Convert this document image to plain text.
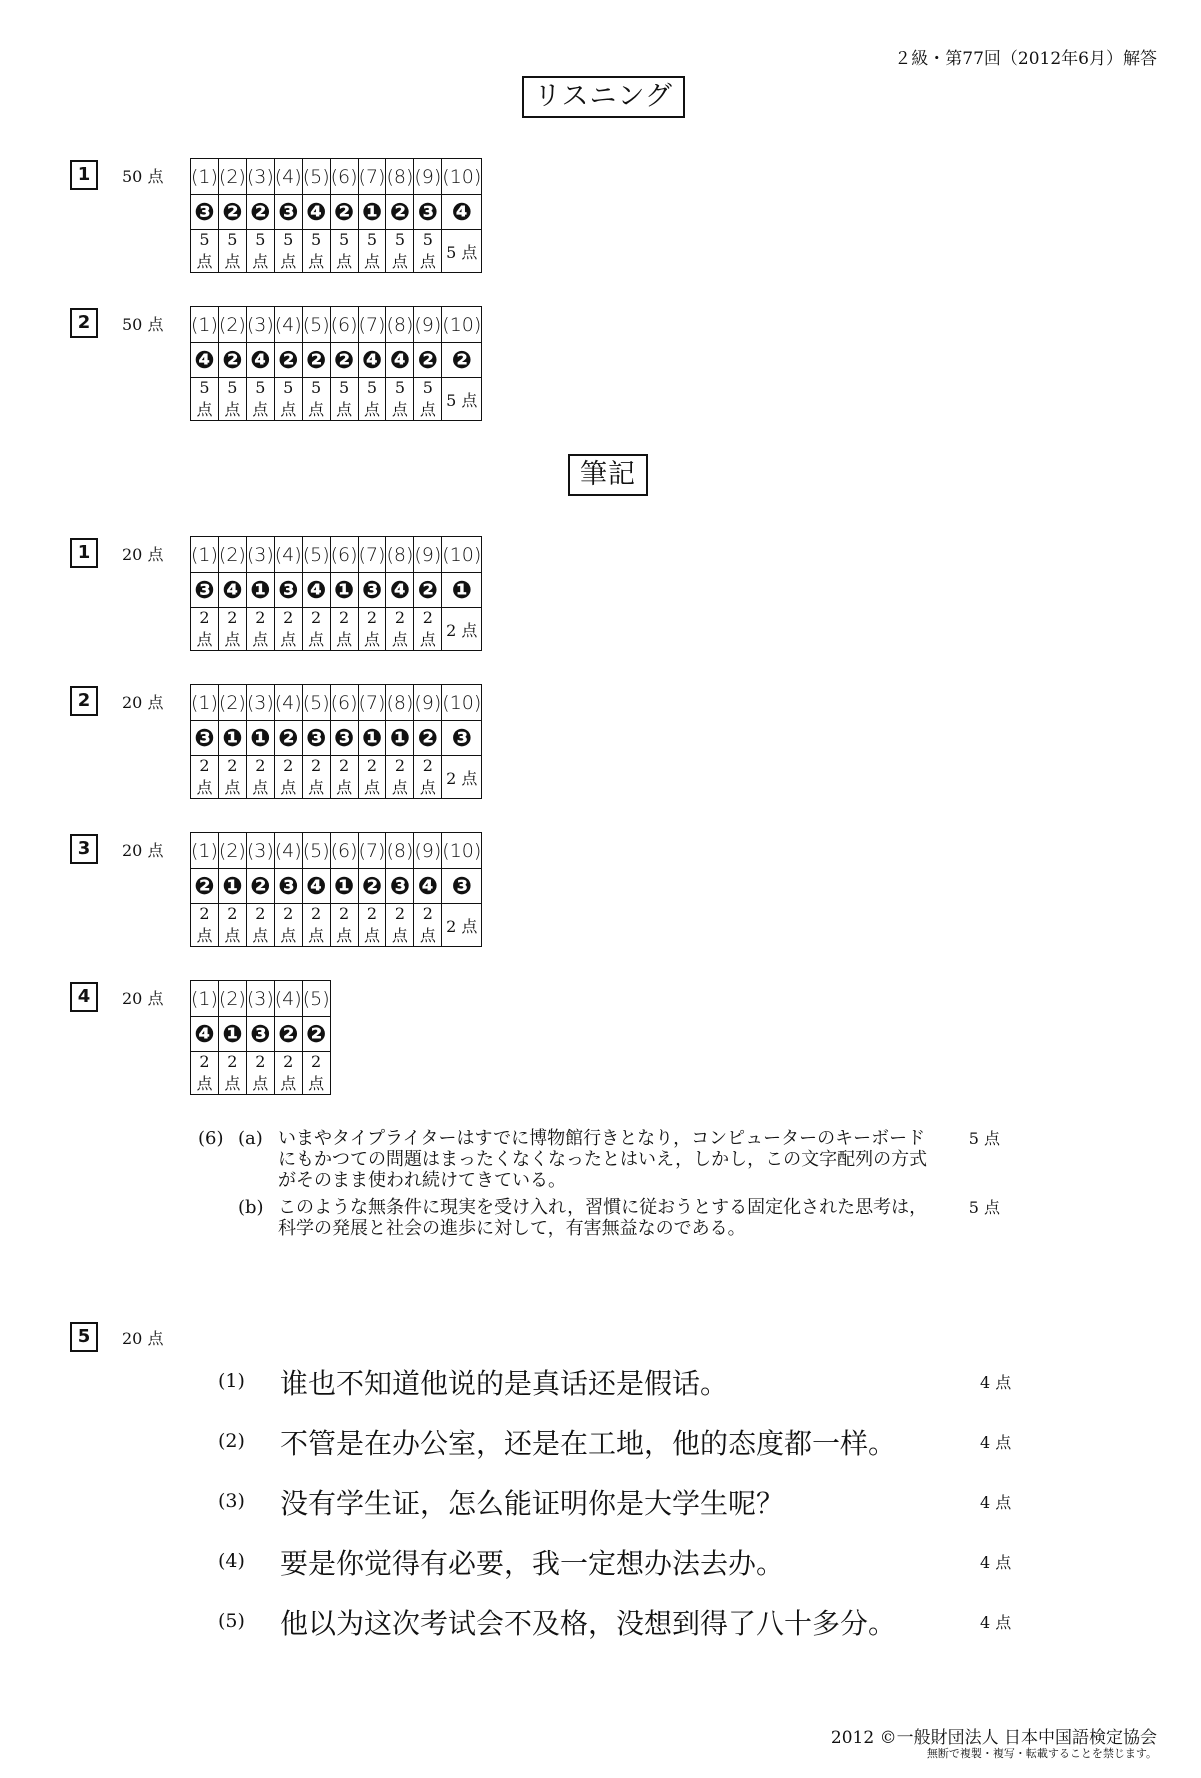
２級・第77回（2012年6月）解答
リスニング
1	50 点 (1)	(2)	(3)	(4)	(5)	(6)	(7)	(8)	(9)	(10)
❸	❷	❷	❸	❹	❷	❶	❷	❸	❹
5 点	5 点	5 点	5 点	5 点	5 点	5 点	5 点	5 点	5 点
2	50 点 (1)	(2)	(3)	(4)	(5)	(6)	(7)	(8)	(9)	(10)
❹	❷	❹	❷	❷	❷	❹	❹	❷	❷
5 点	5 点	5 点	5 点	5 点	5 点	5 点	5 点	5 点	5 点
筆記
1	20 点 (1)	(2)	(3)	(4)	(5)	(6)	(7)	(8)	(9)	(10)
❸	❹	❶	❸	❹	❶	❸	❹	❷	❶
2 点	2 点	2 点	2 点	2 点	2 点	2 点	2 点	2 点	2 点
2	20 点 (1)	(2)	(3)	(4)	(5)	(6)	(7)	(8)	(9)	(10)
❸	❶	❶	❷	❸	❸	❶	❶	❷	❸
2 点	2 点	2 点	2 点	2 点	2 点	2 点	2 点	2 点	2 点
3	20 点 (1)	(2)	(3)	(4)	(5)	(6)	(7)	(8)	(9)	(10)
❷	❶	❷	❸	❹	❶	❷	❸	❹	❸
2 点	2 点	2 点	2 点	2 点	2 点	2 点	2 点	2 点	2 点
4	20 点 (1)	(2)	(3)	(4)	(5)
❹	❶	❸	❷	❷
2 点	2 点	2 点	2 点	2 点
(6) (a) いまやタイプライターはすでに博物館行きとなり，コンピューターのキーボードにもかつての問題はまったくなくなったとはいえ，しかし，この文字配列の方式がそのまま使われ続けてきている。
5 点
(b) このような無条件に現実を受け入れ，習慣に従おうとする固定化された思考は，科学の発展と社会の進歩に対して，有害無益なのである。
5 点
5	20 点
(1) 谁也不知道他说的是真话还是假话。	4 点
(2) 不管是在办公室，还是在工地，他的态度都一样。	4 点
(3) 没有学生证，怎么能证明你是大学生呢？	4 点
(4) 要是你觉得有必要，我一定想办法去办。	4 点
(5) 他以为这次考试会不及格，没想到得了八十多分。	4 点
2012 ©一般財団法人 日本中国語検定協会
無断で複製・複写・転載することを禁じます。
